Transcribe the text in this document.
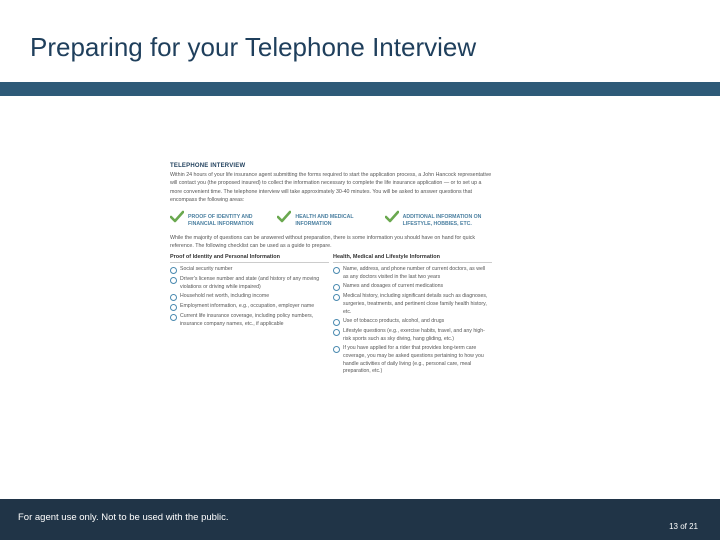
Preparing for your Telephone Interview
TELEPHONE INTERVIEW
Within 24 hours of your life insurance agent submitting the forms required to start the application process, a John Hancock representative will contact you (the proposed insured) to collect the information necessary to complete the life insurance application — or to set up a more convenient time. The telephone interview will take approximately 30-40 minutes. You will be asked to answer questions that encompass the following areas:
PROOF OF IDENTITY AND FINANCIAL INFORMATION
HEALTH AND MEDICAL INFORMATION
ADDITIONAL INFORMATION ON LIFESTYLE, HOBBIES, ETC.
While the majority of questions can be answered without preparation, there is some information you should have on hand for quick reference. The following checklist can be used as a guide to prepare.
Proof of Identity and Personal Information
Social security number
Driver's license number and state (and history of any moving violations or driving while impaired)
Household net worth, including income
Employment information, e.g., occupation, employer name
Current life insurance coverage, including policy numbers, insurance company names, etc., if applicable
Health, Medical and Lifestyle Information
Name, address, and phone number of current doctors, as well as any doctors visited in the last two years
Names and dosages of current medications
Medical history, including significant details such as diagnoses, surgeries, treatments, and pertinent close family health history, etc.
Use of tobacco products, alcohol, and drugs
Lifestyle questions (e.g., exercise habits, travel, and any high-risk sports such as sky diving, hang gliding, etc.)
If you have applied for a rider that provides long-term care coverage, you may be asked questions pertaining to how you handle activities of daily living (e.g., personal care, meal preparation, etc.)
For agent use only. Not to be used with the public.
13 of 21
